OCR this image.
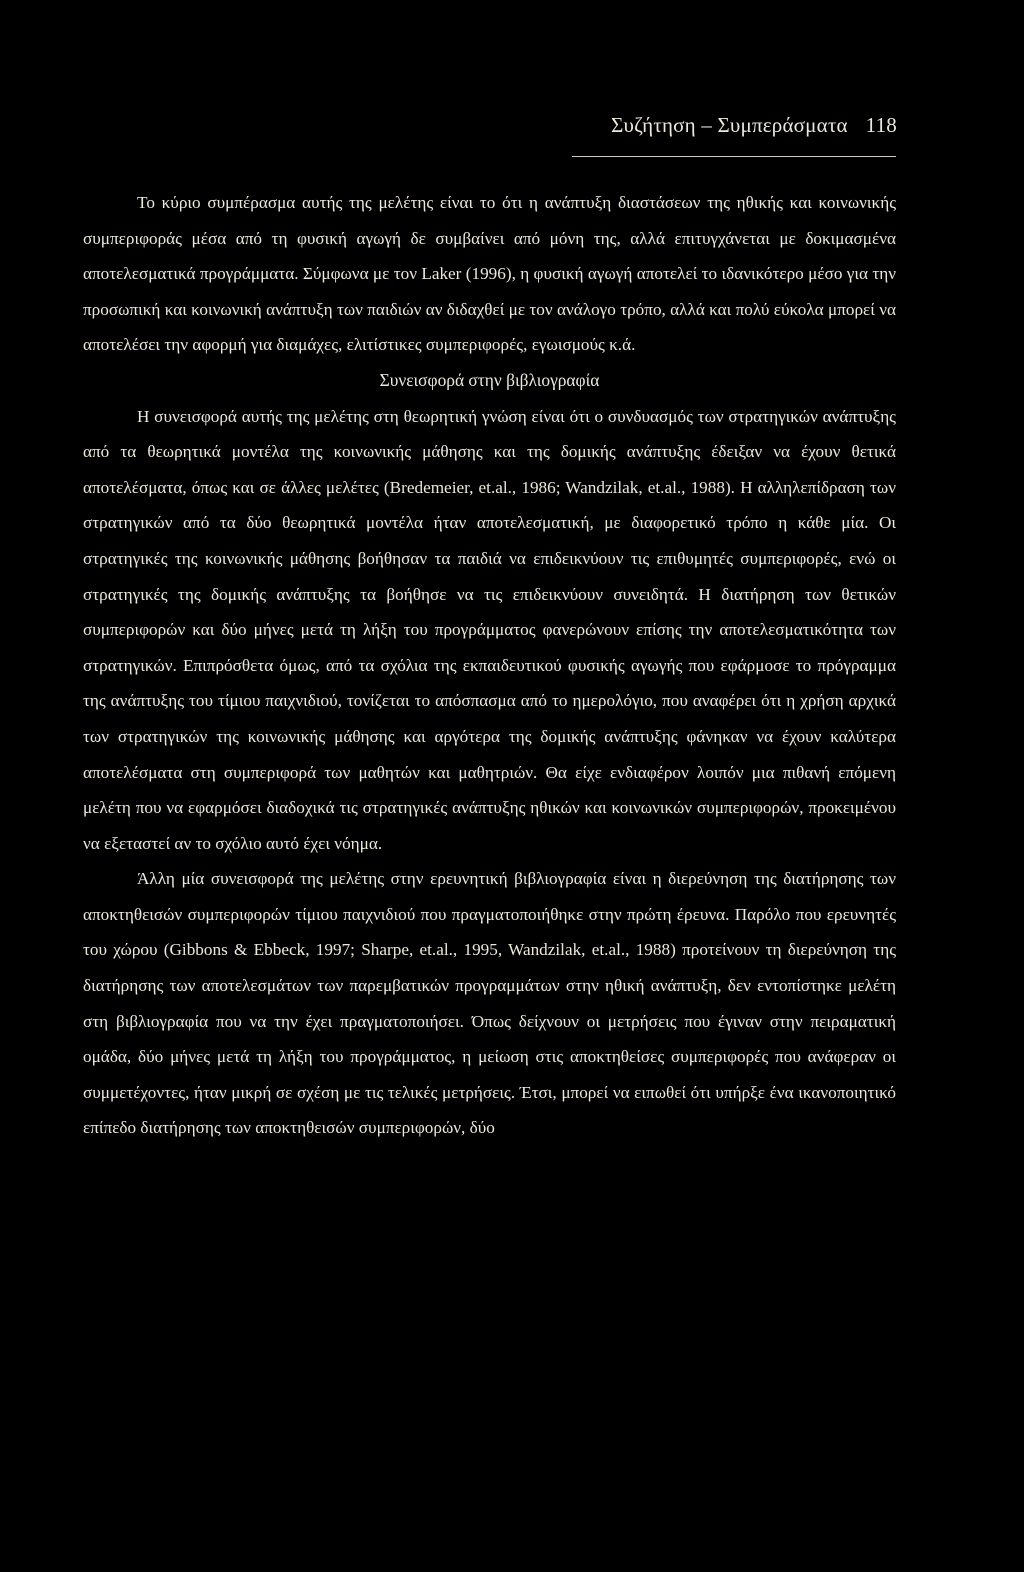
Συζήτηση – Συμπεράσματα 118

Το κύριο συμπέρασμα αυτής της μελέτης είναι το ότι η ανάπτυξη διαστάσεων της ηθικής και κοινωνικής συμπεριφοράς μέσα από τη φυσική αγωγή δε συμβαίνει από μόνη της, αλλά επιτυγχάνεται με δοκιμασμένα αποτελεσματικά προγράμματα. Σύμφωνα με τον Laker (1996), η φυσική αγωγή αποτελεί το ιδανικότερο μέσο για την προσωπική και κοινωνική ανάπτυξη των παιδιών αν διδαχθεί με τον ανάλογο τρόπο, αλλά και πολύ εύκολα μπορεί να αποτελέσει την αφορμή για διαμάχες, ελιτίστικες συμπεριφορές, εγωισμούς κ.ά.

Συνεισφορά στην βιβλιογραφία

Η συνεισφορά αυτής της μελέτης στη θεωρητική γνώση είναι ότι ο συνδυασμός των στρατηγικών ανάπτυξης από τα θεωρητικά μοντέλα της κοινωνικής μάθησης και της δομικής ανάπτυξης έδειξαν να έχουν θετικά αποτελέσματα, όπως και σε άλλες μελέτες (Bredemeier, et.al., 1986; Wandzilak, et.al., 1988). Η αλληλεπίδραση των στρατηγικών από τα δύο θεωρητικά μοντέλα ήταν αποτελεσματική, με διαφορετικό τρόπο η κάθε μία. Οι στρατηγικές της κοινωνικής μάθησης βοήθησαν τα παιδιά να επιδεικνύουν τις επιθυμητές συμπεριφορές, ενώ οι στρατηγικές της δομικής ανάπτυξης τα βοήθησε να τις επιδεικνύουν συνειδητά. Η διατήρηση των θετικών συμπεριφορών και δύο μήνες μετά τη λήξη του προγράμματος φανερώνουν επίσης την αποτελεσματικότητα των στρατηγικών. Επιπρόσθετα όμως, από τα σχόλια της εκπαιδευτικού φυσικής αγωγής που εφάρμοσε το πρόγραμμα της ανάπτυξης του τίμιου παιχνιδιού, τονίζεται το απόσπασμα από το ημερολόγιο, που αναφέρει ότι η χρήση αρχικά των στρατηγικών της κοινωνικής μάθησης και αργότερα της δομικής ανάπτυξης φάνηκαν να έχουν καλύτερα αποτελέσματα στη συμπεριφορά των μαθητών και μαθητριών. Θα είχε ενδιαφέρον λοιπόν μια πιθανή επόμενη μελέτη που να εφαρμόσει διαδοχικά τις στρατηγικές ανάπτυξης ηθικών και κοινωνικών συμπεριφορών, προκειμένου να εξεταστεί αν το σχόλιο αυτό έχει νόημα.

Άλλη μία συνεισφορά της μελέτης στην ερευνητική βιβλιογραφία είναι η διερεύνηση της διατήρησης των αποκτηθεισών συμπεριφορών τίμιου παιχνιδιού που πραγματοποιήθηκε στην πρώτη έρευνα. Παρόλο που ερευνητές του χώρου (Gibbons & Ebbeck, 1997; Sharpe, et.al., 1995, Wandzilak, et.al., 1988) προτείνουν τη διερεύνηση της διατήρησης των αποτελεσμάτων των παρεμβατικών προγραμμάτων στην ηθική ανάπτυξη, δεν εντοπίστηκε μελέτη στη βιβλιογραφία που να την έχει πραγματοποιήσει. Όπως δείχνουν οι μετρήσεις που έγιναν στην πειραματική ομάδα, δύο μήνες μετά τη λήξη του προγράμματος, η μείωση στις αποκτηθείσες συμπεριφορές που ανάφεραν οι συμμετέχοντες, ήταν μικρή σε σχέση με τις τελικές μετρήσεις. Έτσι, μπορεί να ειπωθεί ότι υπήρξε ένα ικανοποιητικό επίπεδο διατήρησης των αποκτηθεισών συμπεριφορών, δύο
